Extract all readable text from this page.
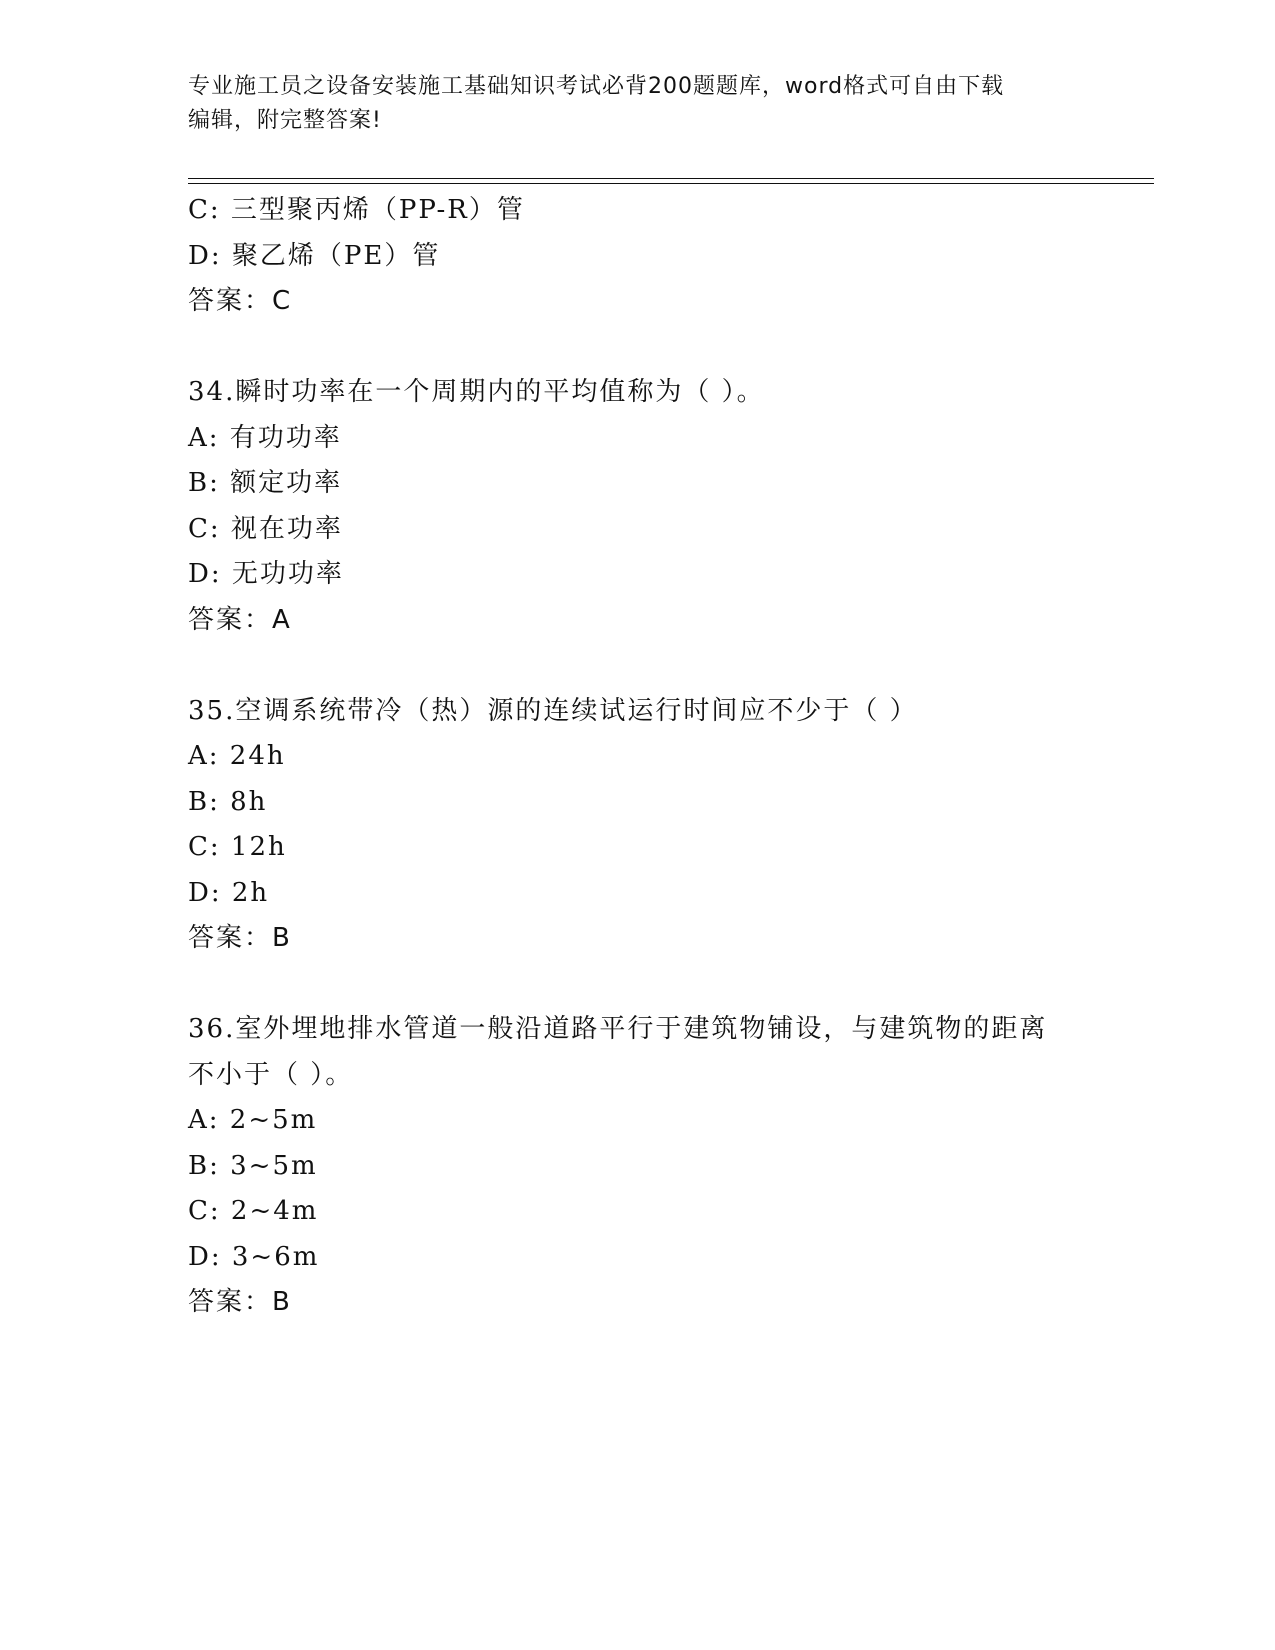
专业施工员之设备安装施工基础知识考试必背200题题库，word格式可自由下载
编辑，附完整答案!
C: 三型聚丙烯（PP-R）管
D: 聚乙烯（PE）管
答案：C
34.瞬时功率在一个周期内的平均值称为（ ）。
A: 有功功率
B: 额定功率
C: 视在功率
D: 无功功率
答案：A
35.空调系统带冷（热）源的连续试运行时间应不少于（ ）
A: 24h
B: 8h
C: 12h
D: 2h
答案：B
36.室外埋地排水管道一般沿道路平行于建筑物铺设，与建筑物的距离
不小于（ ）。
A: 2~5m
B: 3~5m
C: 2~4m
D: 3~6m
答案：B
